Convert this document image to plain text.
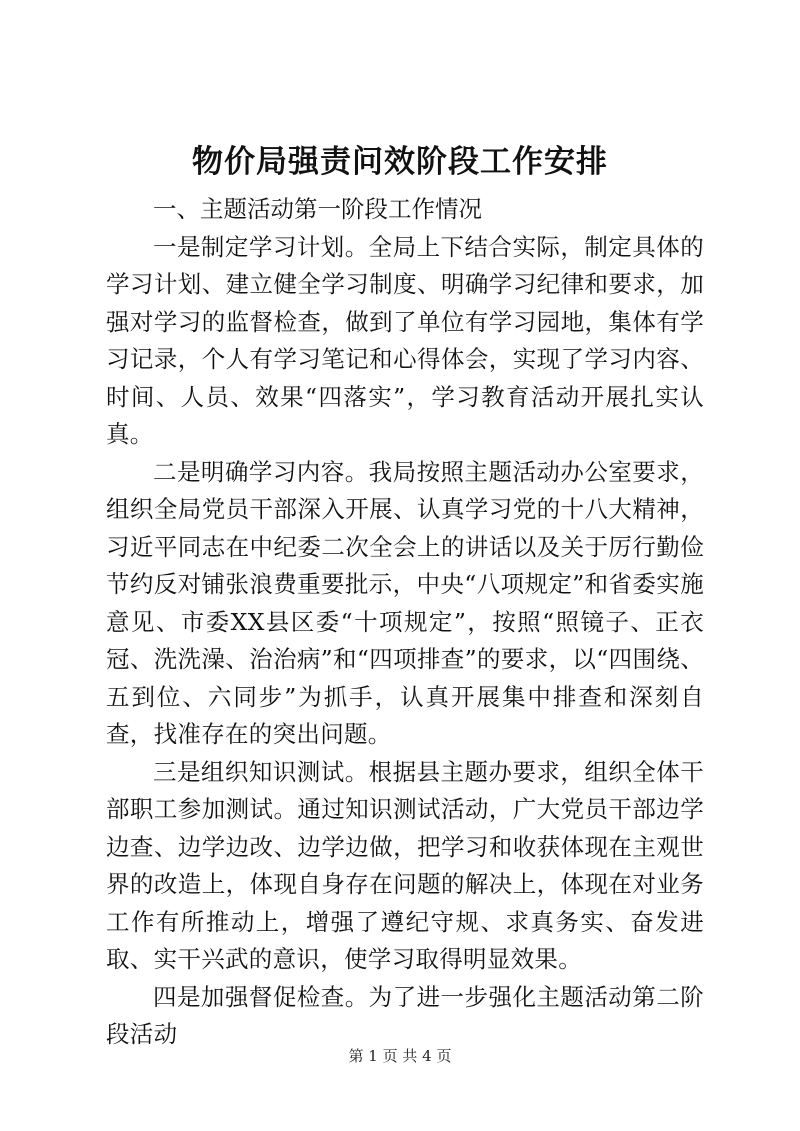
物价局强责问效阶段工作安排

一、主题活动第一阶段工作情况

一是制定学习计划。全局上下结合实际，制定具体的学习计划、建立健全学习制度、明确学习纪律和要求，加强对学习的监督检查，做到了单位有学习园地，集体有学习记录，个人有学习笔记和心得体会，实现了学习内容、时间、人员、效果“四落实”，学习教育活动开展扎实认真。

二是明确学习内容。我局按照主题活动办公室要求，组织全局党员干部深入开展、认真学习党的十八大精神，习近平同志在中纪委二次全会上的讲话以及关于厉行勤俭节约反对铺张浪费重要批示，中央“八项规定”和省委实施意见、市委XX县区委“十项规定”，按照“照镜子、正衣冠、洗洗澡、治治病”和“四项排查”的要求，以“四围绕、五到位、六同步”为抓手，认真开展集中排查和深刻自查，找准存在的突出问题。

三是组织知识测试。根据县主题办要求，组织全体干部职工参加测试。通过知识测试活动，广大党员干部边学边查、边学边改、边学边做，把学习和收获体现在主观世界的改造上，体现自身存在问题的解决上，体现在对业务工作有所推动上，增强了遵纪守规、求真务实、奋发进取、实干兴武的意识，使学习取得明显效果。

四是加强督促检查。为了进一步强化主题活动第二阶段活动

第 1 页 共 4 页
